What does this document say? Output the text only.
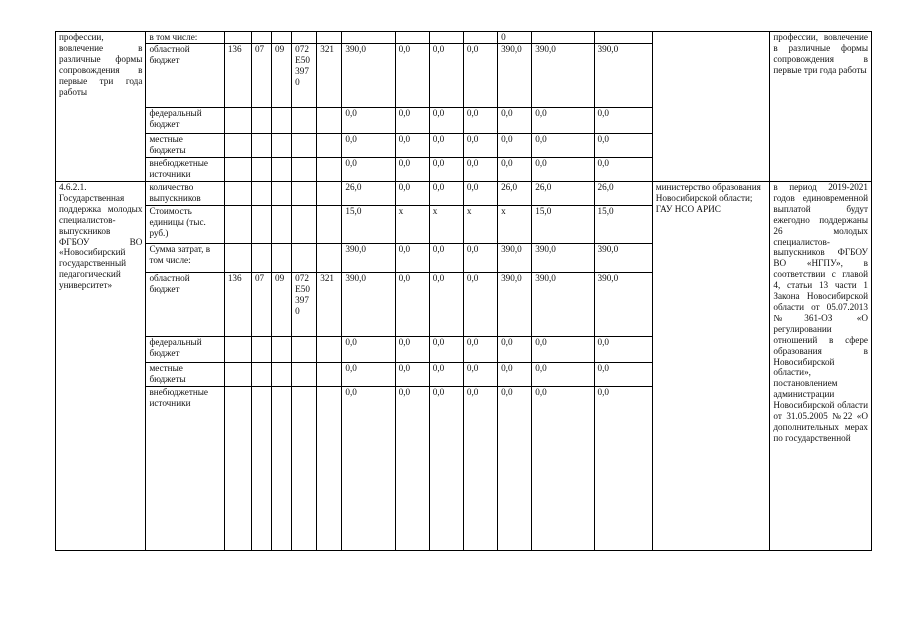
профессии, вовлечение в различные формы сопровождения в первые три года работы	в том числе:										0				профессии, вовлечение в различные формы сопровождения в первые три года работы
	областной бюджет	136	07	09	072E503970	321	390,0	0,0	0,0	0,0	390,0	390,0	390,0		
	федеральный бюджет						0,0	0,0	0,0	0,0	0,0	0,0	0,0		
	местные бюджеты						0,0	0,0	0,0	0,0	0,0	0,0	0,0		
	внебюджетные источники						0,0	0,0	0,0	0,0	0,0	0,0	0,0		
4.6.2.1. Государственная поддержка молодых специалистов-выпускников ФГБОУ ВО «Новосибирский государственный педагогический университет»	количество выпускников						26,0	0,0	0,0	0,0	26,0	26,0	26,0	министерство образования Новосибирской области; ГАУ НСО АРИС	в период 2019-2021 годов единовременной выплатой будут ежегодно поддержаны 26 молодых специалистов-выпускников ФГБОУ ВО «НГПУ», в соответствии с главой 4, статьи 13 части 1 Закона Новосибирской области от 05.07.2013 №361-ОЗ «О регулировании отношений в сфере образования в Новосибирской области», постановлением администрации Новосибирской области от 31.05.2005 №22 «О дополнительных мерах по государственной
	Стоимость единицы (тыс. руб.)						15,0	x	x	x	x	15,0	15,0		
	Сумма затрат, в том числе:						390,0	0,0	0,0	0,0	390,0	390,0	390,0		
	областной бюджет	136	07	09	072E503970	321	390,0	0,0	0,0	0,0	390,0	390,0	390,0		
	федеральный бюджет						0,0	0,0	0,0	0,0	0,0	0,0	0,0		
	местные бюджеты						0,0	0,0	0,0	0,0	0,0	0,0	0,0		
	внебюджетные источники						0,0	0,0	0,0	0,0	0,0	0,0	0,0		
